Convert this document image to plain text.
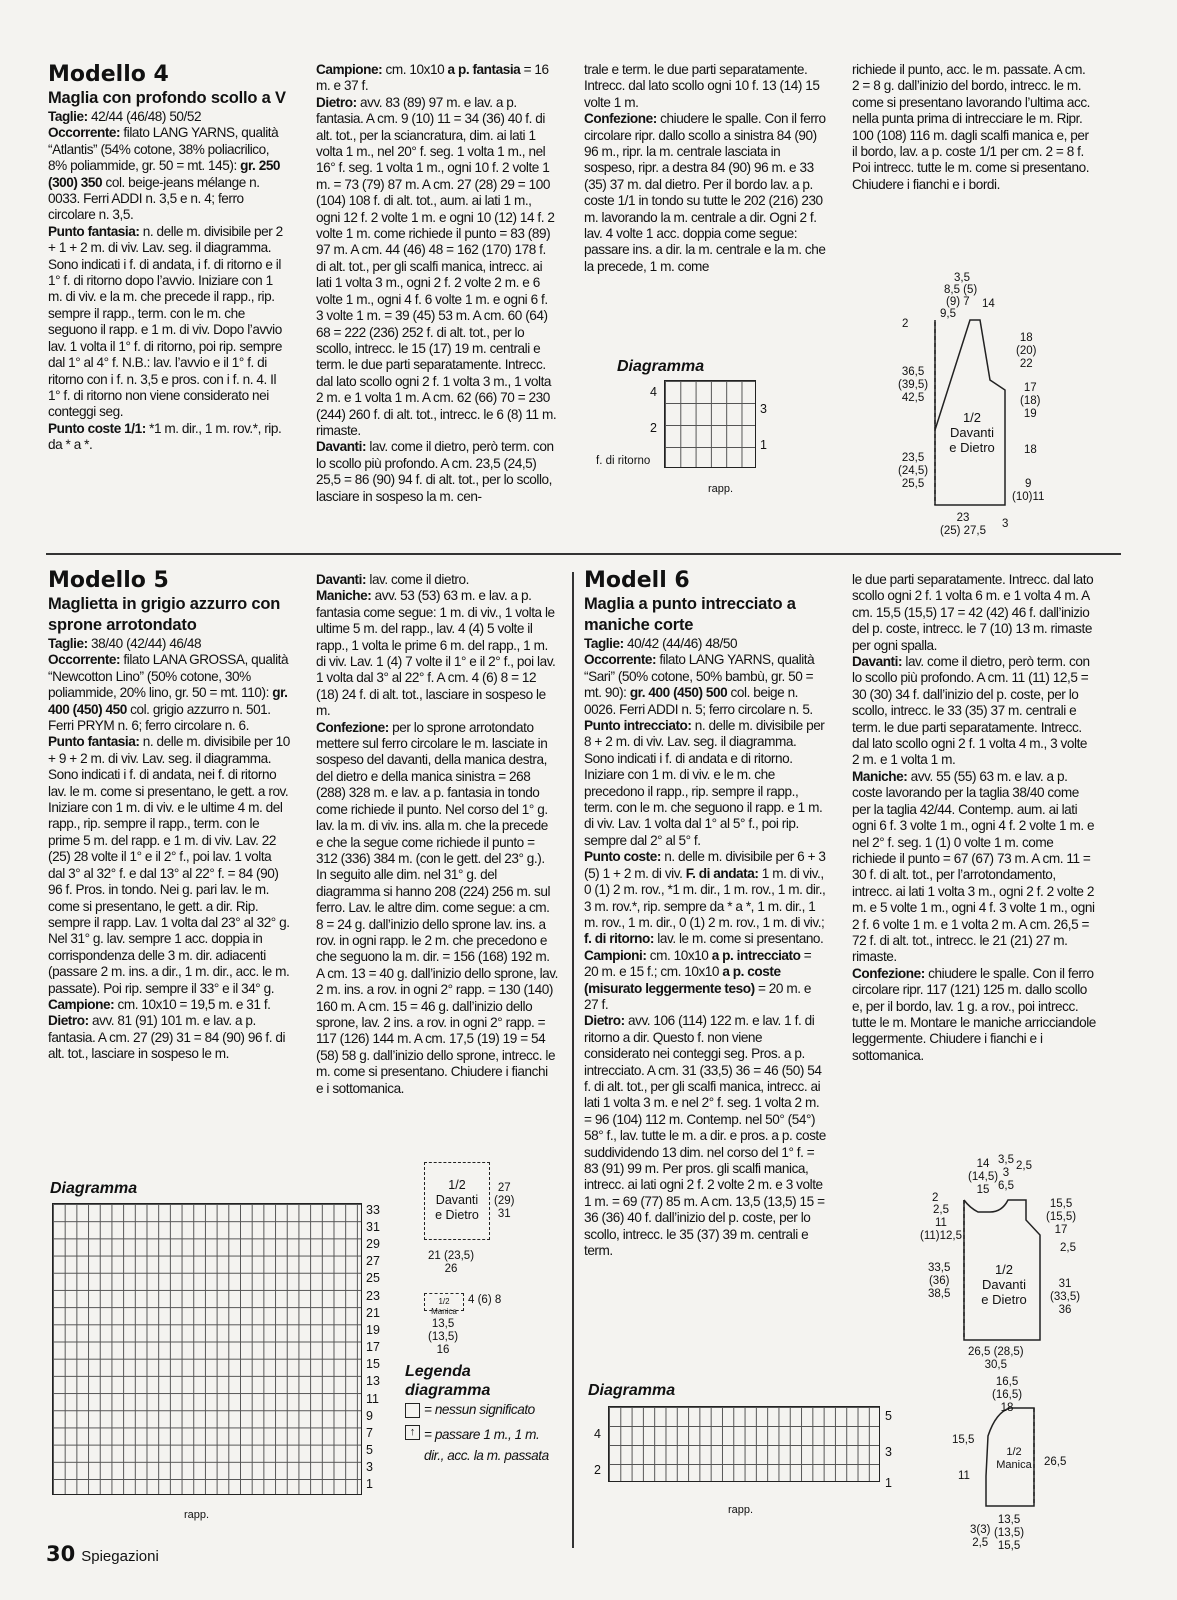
Modello 4

Maglia con profondo scollo a V

Taglie: 42/44 (46/48) 50/52

Occorrente: filato LANG YARNS, qualità “Atlantis” (54% cotone, 38% poliacrilico, 8% poliammide, gr. 50 = mt. 145): gr. 250 (300) 350 col. beige-jeans mélange n. 0033. Ferri ADDI n. 3,5 e n. 4; ferro circolare n. 3,5.

Punto fantasia: n. delle m. divisibile per 2 + 1 + 2 m. di viv. Lav. seg. il diagramma. Sono indicati i f. di andata, i f. di ritorno e il 1° f. di ritorno dopo l’avvio. Iniziare con 1 m. di viv. e la m. che precede il rapp., rip. sempre il rapp., term. con le m. che seguono il rapp. e 1 m. di viv. Dopo l’avvio lav. 1 volta il 1° f. di ritorno, poi rip. sempre dal 1° al 4° f. N.B.: lav. l’avvio e il 1° f. di ritorno con i f. n. 3,5 e pros. con i f. n. 4. Il 1° f. di ritorno non viene considerato nei conteggi seg.

Punto coste 1/1: *1 m. dir., 1 m. rov.*, rip. da * a *.

Campione: cm. 10x10 a p. fantasia = 16 m. e 37 f.

Dietro: avv. 83 (89) 97 m. e lav. a p. fantasia. A cm. 9 (10) 11 = 34 (36) 40 f. di alt. tot., per la sciancratura, dim. ai lati 1 volta 1 m., nel 20° f. seg. 1 volta 1 m., nel 16° f. seg. 1 volta 1 m., ogni 10 f. 2 volte 1 m. = 73 (79) 87 m. A cm. 27 (28) 29 = 100 (104) 108 f. di alt. tot., aum. ai lati 1 m., ogni 12 f. 2 volte 1 m. e ogni 10 (12) 14 f. 2 volte 1 m. come richiede il punto = 83 (89) 97 m. A cm. 44 (46) 48 = 162 (170) 178 f. di alt. tot., per gli scalfi manica, intrecc. ai lati 1 volta 3 m., ogni 2 f. 2 volte 2 m. e 6 volte 1 m., ogni 4 f. 6 volte 1 m. e ogni 6 f. 3 volte 1 m. = 39 (45) 53 m. A cm. 60 (64) 68 = 222 (236) 252 f. di alt. tot., per lo scollo, intrecc. le 15 (17) 19 m. centrali e term. le due parti separatamente. Intrecc. dal lato scollo ogni 2 f. 1 volta 3 m., 1 volta 2 m. e 1 volta 1 m. A cm. 62 (66) 70 = 230 (244) 260 f. di alt. tot., intrecc. le 6 (8) 11 m. rimaste.

Davanti: lav. come il dietro, però term. con lo scollo più profondo. A cm. 23,5 (24,5) 25,5 = 86 (90) 94 f. di alt. tot., per lo scollo, lasciare in sospeso la m. cen-

trale e term. le due parti separatamente. Intrecc. dal lato scollo ogni 10 f. 13 (14) 15 volte 1 m.

Confezione: chiudere le spalle. Con il ferro circolare ripr. dallo scollo a sinistra 84 (90) 96 m., ripr. la m. centrale lasciata in sospeso, ripr. a destra 84 (90) 96 m. e 33 (35) 37 m. dal dietro. Per il bordo lav. a p. coste 1/1 in tondo su tutte le 202 (216) 230 m. lavorando la m. centrale a dir. Ogni 2 f. lav. 4 volte 1 acc. doppia come segue: passare ins. a dir. la m. centrale e la m. che la precede, 1 m. come

Diagramma
4
2
f. di ritorno
3
1
rapp.

richiede il punto, acc. le m. passate. A cm. 2 = 8 g. dall’inizio del bordo, intrecc. le m. come si presentano lavorando l’ultima acc. nella punta prima di intrecciare le m. Ripr. 100 (108) 116 m. dagli scalfi manica e, per il bordo, lav. a p. coste 1/1 per cm. 2 = 8 f. Poi intrecc. tutte le m. come si presentano. Chiudere i fianchi e i bordi.

3,5
8,5 (5)
(9) 7
9,5
14
2
18
(20)
22
17
(18)
19
18
9
(10)11
36,5
(39,5)
42,5
23,5
(24,5)
25,5
1/2
Davanti
e Dietro
23
(25) 27,5
3

Modello 5

Maglietta in grigio azzurro con sprone arrotondato

Taglie: 38/40 (42/44) 46/48

Occorrente: filato LANA GROSSA, qualità “Newcotton Lino” (50% cotone, 30% poliammide, 20% lino, gr. 50 = mt. 110): gr. 400 (450) 450 col. grigio azzurro n. 501. Ferri PRYM n. 6; ferro circolare n. 6.

Punto fantasia: n. delle m. divisibile per 10 + 9 + 2 m. di viv. Lav. seg. il diagramma. Sono indicati i f. di andata, nei f. di ritorno lav. le m. come si presentano, le gett. a rov. Iniziare con 1 m. di viv. e le ultime 4 m. del rapp., rip. sempre il rapp., term. con le prime 5 m. del rapp. e 1 m. di viv. Lav. 22 (25) 28 volte il 1° e il 2° f., poi lav. 1 volta dal 3° al 32° f. e dal 13° al 22° f. = 84 (90) 96 f. Pros. in tondo. Nei g. pari lav. le m. come si presentano, le gett. a dir. Rip. sempre il rapp. Lav. 1 volta dal 23° al 32° g. Nel 31° g. lav. sempre 1 acc. doppia in corrispondenza delle 3 m. dir. adiacenti (passare 2 m. ins. a dir., 1 m. dir., acc. le m. passate). Poi rip. sempre il 33° e il 34° g.

Campione: cm. 10x10 = 19,5 m. e 31 f.

Dietro: avv. 81 (91) 101 m. e lav. a p. fantasia. A cm. 27 (29) 31 = 84 (90) 96 f. di alt. tot., lasciare in sospeso le m.

Diagramma
33
31
29
27
25
23
21
19
17
15
13
11
9
7
5
3
1
rapp.

Davanti: lav. come il dietro.

Maniche: avv. 53 (53) 63 m. e lav. a p. fantasia come segue: 1 m. di viv., 1 volta le ultime 5 m. del rapp., lav. 4 (4) 5 volte il rapp., 1 volta le prime 6 m. del rapp., 1 m. di viv. Lav. 1 (4) 7 volte il 1° e il 2° f., poi lav. 1 volta dal 3° al 22° f. A cm. 4 (6) 8 = 12 (18) 24 f. di alt. tot., lasciare in sospeso le m.

Confezione: per lo sprone arrotondato mettere sul ferro circolare le m. lasciate in sospeso del davanti, della manica destra, del dietro e della manica sinistra = 268 (288) 328 m. e lav. a p. fantasia in tondo come richiede il punto. Nel corso del 1° g. lav. la m. di viv. ins. alla m. che la precede e che la segue come richiede il punto = 312 (336) 384 m. (con le gett. del 23° g.). In seguito alle dim. nel 31° g. del diagramma si hanno 208 (224) 256 m. sul ferro. Lav. le altre dim. come segue: a cm. 8 = 24 g. dall’inizio dello sprone lav. ins. a rov. in ogni rapp. le 2 m. che precedono e che seguono la m. dir. = 156 (168) 192 m. A cm. 13 = 40 g. dall’inizio dello sprone, lav. 2 m. ins. a rov. in ogni 2° rapp. = 130 (140) 160 m. A cm. 15 = 46 g. dall’inizio dello sprone, lav. 2 ins. a rov. in ogni 2° rapp. = 117 (126) 144 m. A cm. 17,5 (19) 19 = 54 (58) 58 g. dall’inizio dello sprone, intrecc. le m. come si presentano. Chiudere i fianchi e i sottomanica.

1/2
Davanti
e Dietro
27
(29)
31
21 (23,5)
26
1/2 Manica
4 (6) 8
13,5
(13,5)
16
Legenda
diagramma
= nessun significato
↑ = passare 1 m., 1 m. dir., acc. la m. passata

Modell 6

Maglia a punto intrecciato a maniche corte

Taglie: 40/42 (44/46) 48/50

Occorrente: filato LANG YARNS, qualità “Sari” (50% cotone, 50% bambù, gr. 50 = mt. 90): gr. 400 (450) 500 col. beige n. 0026. Ferri ADDI n. 5; ferro circolare n. 5.

Punto intrecciato: n. delle m. divisibile per 8 + 2 m. di viv. Lav. seg. il diagramma. Sono indicati i f. di andata e di ritorno. Iniziare con 1 m. di viv. e le m. che precedono il rapp., rip. sempre il rapp., term. con le m. che seguono il rapp. e 1 m. di viv. Lav. 1 volta dal 1° al 5° f., poi rip. sempre dal 2° al 5° f.

Punto coste: n. delle m. divisibile per 6 + 3 (5) 1 + 2 m. di viv. F. di andata: 1 m. di viv., 0 (1) 2 m. rov., *1 m. dir., 1 m. rov., 1 m. dir., 3 m. rov.*, rip. sempre da * a *, 1 m. dir., 1 m. rov., 1 m. dir., 0 (1) 2 m. rov., 1 m. di viv.; f. di ritorno: lav. le m. come si presentano.

Campioni: cm. 10x10 a p. intrecciato = 20 m. e 15 f.; cm. 10x10 a p. coste (misurato leggermente teso) = 20 m. e 27 f.

Dietro: avv. 106 (114) 122 m. e lav. 1 f. di ritorno a dir. Questo f. non viene considerato nei conteggi seg. Pros. a p. intrecciato. A cm. 31 (33,5) 36 = 46 (50) 54 f. di alt. tot., per gli scalfi manica, intrecc. ai lati 1 volta 3 m. e nel 2° f. seg. 1 volta 2 m. = 96 (104) 112 m. Contemp. nel 50° (54°) 58° f., lav. tutte le m. a dir. e pros. a p. coste suddividendo 13 dim. nel corso del 1° f. = 83 (91) 99 m. Per pros. gli scalfi manica, intrecc. ai lati ogni 2 f. 2 volte 2 m. e 3 volte 1 m. = 69 (77) 85 m. A cm. 13,5 (13,5) 15 = 36 (36) 40 f. dall’inizio del p. coste, per lo scollo, intrecc. le 35 (37) 39 m. centrali e term.

Diagramma
4
2
5
3
1
rapp.

le due parti separatamente. Intrecc. dal lato scollo ogni 2 f. 1 volta 6 m. e 1 volta 4 m. A cm. 15,5 (15,5) 17 = 42 (42) 46 f. dall’inizio del p. coste, intrecc. le 7 (10) 13 m. rimaste per ogni spalla.

Davanti: lav. come il dietro, però term. con lo scollo più profondo. A cm. 11 (11) 12,5 = 30 (30) 34 f. dall’inizio del p. coste, per lo scollo, intrecc. le 33 (35) 37 m. centrali e term. le due parti separatamente. Intrecc. dal lato scollo ogni 2 f. 1 volta 4 m., 3 volte 2 m. e 1 volta 1 m.

Maniche: avv. 55 (55) 63 m. e lav. a p. coste lavorando per la taglia 38/40 come per la taglia 42/44. Contemp. aum. ai lati ogni 6 f. 3 volte 1 m., ogni 4 f. 2 volte 1 m. e nel 2° f. seg. 1 (1) 0 volte 1 m. come richiede il punto = 67 (67) 73 m. A cm. 11 = 30 f. di alt. tot., per l’arrotondamento, intrecc. ai lati 1 volta 3 m., ogni 2 f. 2 volte 2 m. e 5 volte 1 m., ogni 4 f. 3 volte 1 m., ogni 2 f. 6 volte 1 m. e 1 volta 2 m. A cm. 26,5 = 72 f. di alt. tot., intrecc. le 21 (21) 27 m. rimaste.

Confezione: chiudere le spalle. Con il ferro circolare ripr. 117 (121) 125 m. dallo scollo e, per il bordo, lav. 1 g. a rov., poi intrecc. tutte le m. Montare le maniche arricciandole leggermente. Chiudere i fianchi e i sottomanica.

14
(14,5)
15
3,5
3
6,5
2,5
2
2,5
11
(11)12,5
15,5
(15,5)
17
2,5
33,5
(36)
38,5
1/2
Davanti
e Dietro
31
(33,5)
36
26,5 (28,5)
30,5
16,5
(16,5)
18
15,5
11
1/2
Manica 26,5
13,5
(13,5)
15,5
3(3)
2,5
30 Spiegazioni
